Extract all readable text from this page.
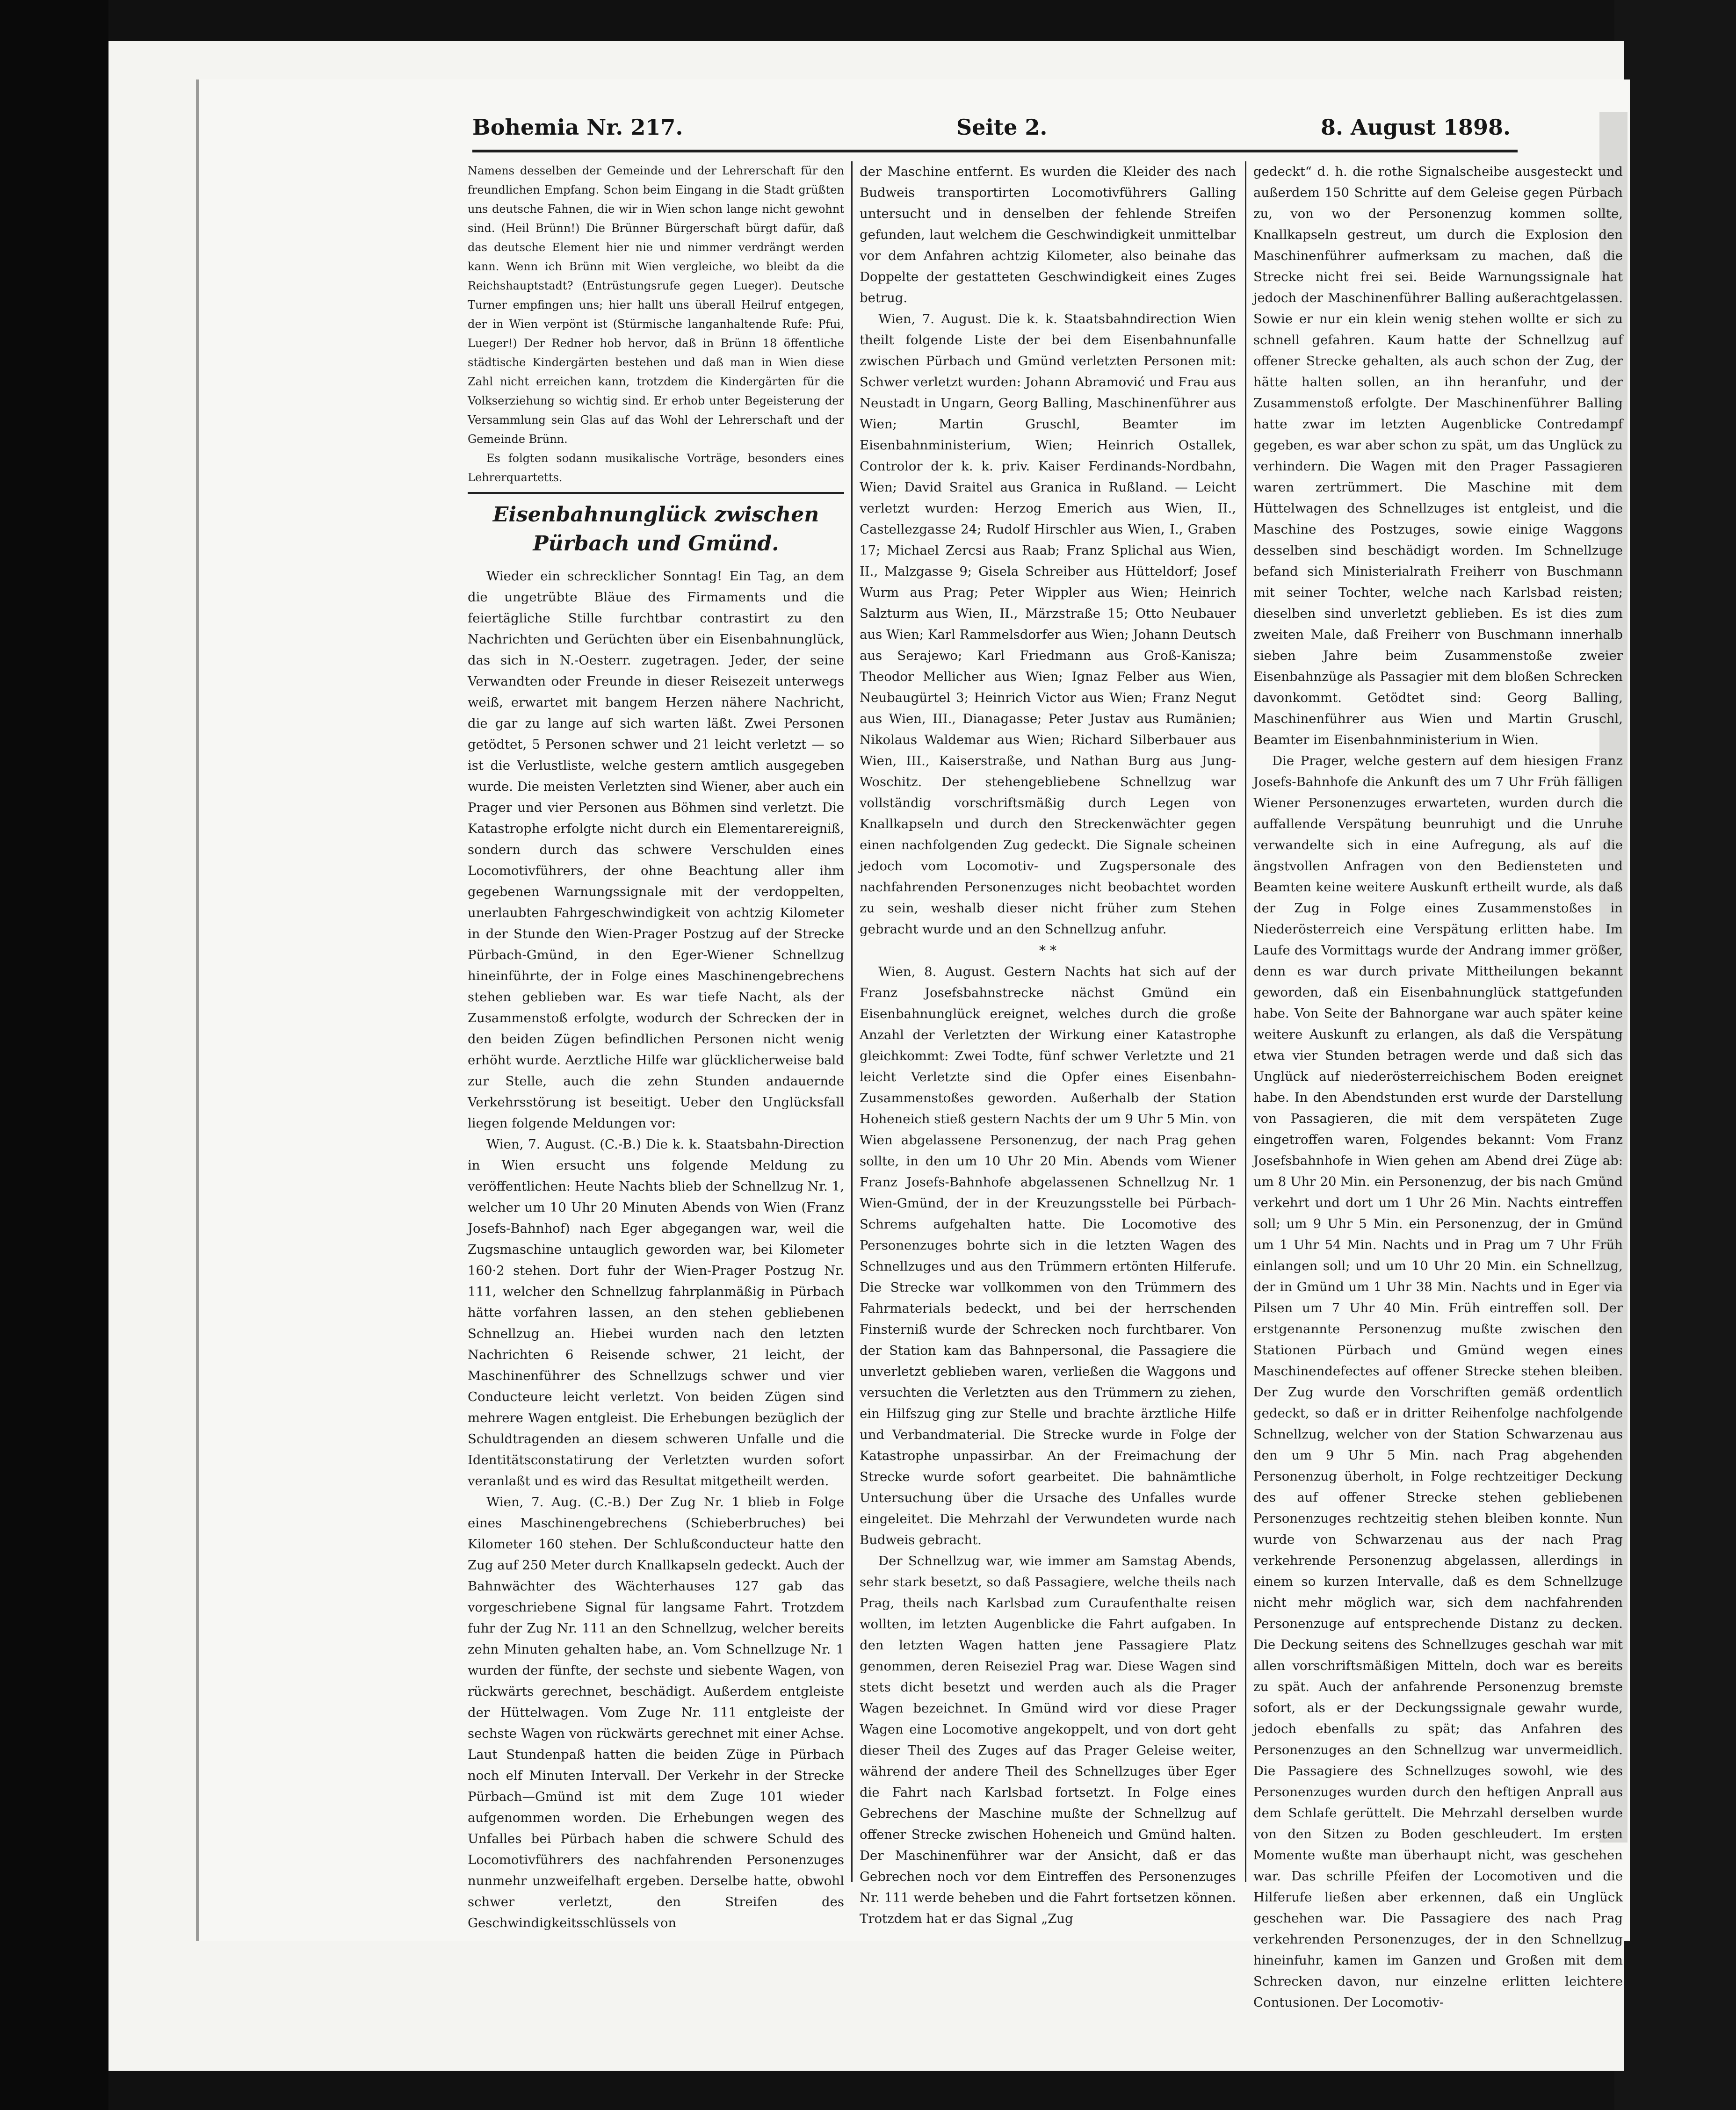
Bohemia Nr. 217.	Seite 2.	8. August 1898.

Namens desselben der Gemeinde und der Lehrerschaft für den freundlichen Empfang. Schon beim Eingang in die Stadt grüßten uns deutsche Fahnen, die wir in Wien schon lange nicht gewohnt sind. (Heil Brünn!) Die Brünner Bürgerschaft bürgt dafür, daß das deutsche Element hier nie und nimmer verdrängt werden kann. Wenn ich Brünn mit Wien vergleiche, wo bleibt da die Reichshauptstadt? (Entrüstungsrufe gegen Lueger). Deutsche Turner empfingen uns; hier hallt uns überall Heilruf entgegen, der in Wien verpönt ist (Stürmische langanhaltende Rufe: Pfui, Lueger!) Der Redner hob hervor, daß in Brünn 18 öffentliche städtische Kindergärten bestehen und daß man in Wien diese Zahl nicht erreichen kann, trotzdem die Kindergärten für die Volkserziehung so wichtig sind. Er erhob unter Begeisterung der Versammlung sein Glas auf das Wohl der Lehrerschaft und der Gemeinde Brünn.

Es folgten sodann musikalische Vorträge, besonders eines Lehrerquartetts.

Eisenbahnunglück zwischen Pürbach und Gmünd.

Wieder ein schrecklicher Sonntag! Ein Tag, an dem die ungetrübte Bläue des Firmaments und die feiertägliche Stille furchtbar contrastirt zu den Nachrichten und Gerüchten über ein Eisenbahnunglück, das sich in N.-Oesterr. zugetragen. Jeder, der seine Verwandten oder Freunde in dieser Reisezeit unterwegs weiß, erwartet mit bangem Herzen nähere Nachricht, die gar zu lange auf sich warten läßt. Zwei Personen getödtet, 5 Personen schwer und 21 leicht verletzt — so ist die Verlustliste, welche gestern amtlich ausgegeben wurde. Die meisten Verletzten sind Wiener, aber auch ein Prager und vier Personen aus Böhmen sind verletzt. Die Katastrophe erfolgte nicht durch ein Elementarereigniß, sondern durch das schwere Verschulden eines Locomotivführers, der ohne Beachtung aller ihm gegebenen Warnungssignale mit der verdoppelten, unerlaubten Fahrgeschwindigkeit von achtzig Kilometer in der Stunde den Wien-Prager Postzug auf der Strecke Pürbach-Gmünd, in den Eger-Wiener Schnellzug hineinführte, der in Folge eines Maschinengebrechens stehen geblieben war. Es war tiefe Nacht, als der Zusammenstoß erfolgte, wodurch der Schrecken der in den beiden Zügen befindlichen Personen nicht wenig erhöht wurde. Aerztliche Hilfe war glücklicherweise bald zur Stelle, auch die zehn Stunden andauernde Verkehrsstörung ist beseitigt. Ueber den Unglücksfall liegen folgende Meldungen vor:

Wien, 7. August. (C.-B.) Die k. k. Staatsbahn-Direction in Wien ersucht uns folgende Meldung zu veröffentlichen: Heute Nachts blieb der Schnellzug Nr. 1, welcher um 10 Uhr 20 Minuten Abends von Wien (Franz Josefs-Bahnhof) nach Eger abgegangen war, weil die Zugsmaschine untauglich geworden war, bei Kilometer 160·2 stehen. Dort fuhr der Wien-Prager Postzug Nr. 111, welcher den Schnellzug fahrplanmäßig in Pürbach hätte vorfahren lassen, an den stehen gebliebenen Schnellzug an. Hiebei wurden nach den letzten Nachrichten 6 Reisende schwer, 21 leicht, der Maschinenführer des Schnellzugs schwer und vier Conducteure leicht verletzt. Von beiden Zügen sind mehrere Wagen entgleist. Die Erhebungen bezüglich der Schuldtragenden an diesem schweren Unfalle und die Identitätsconstatirung der Verletzten wurden sofort veranlaßt und es wird das Resultat mitgetheilt werden.

Wien, 7. Aug. (C.-B.) Der Zug Nr. 1 blieb in Folge eines Maschinengebrechens (Schieberbruches) bei Kilometer 160 stehen. Der Schlußconducteur hatte den Zug auf 250 Meter durch Knallkapseln gedeckt. Auch der Bahnwächter des Wächterhauses 127 gab das vorgeschriebene Signal für langsame Fahrt. Trotzdem fuhr der Zug Nr. 111 an den Schnellzug, welcher bereits zehn Minuten gehalten habe, an. Vom Schnellzuge Nr. 1 wurden der fünfte, der sechste und siebente Wagen, von rückwärts gerechnet, beschädigt. Außerdem entgleiste der Hüttelwagen. Vom Zuge Nr. 111 entgleiste der sechste Wagen von rückwärts gerechnet mit einer Achse. Laut Stundenpaß hatten die beiden Züge in Pürbach noch elf Minuten Intervall. Der Verkehr in der Strecke Pürbach—Gmünd ist mit dem Zuge 101 wieder aufgenommen worden. Die Erhebungen wegen des Unfalles bei Pürbach haben die schwere Schuld des Locomotivführers des nachfahrenden Personenzuges nunmehr unzweifelhaft ergeben. Derselbe hatte, obwohl schwer verletzt, den Streifen des Geschwindigkeitsschlüssels von

der Maschine entfernt. Es wurden die Kleider des nach Budweis transportirten Locomotivführers Galling untersucht und in denselben der fehlende Streifen gefunden, laut welchem die Geschwindigkeit unmittelbar vor dem Anfahren achtzig Kilometer, also beinahe das Doppelte der gestatteten Geschwindigkeit eines Zuges betrug.

Wien, 7. August. Die k. k. Staatsbahndirection Wien theilt folgende Liste der bei dem Eisenbahnunfalle zwischen Pürbach und Gmünd verletzten Personen mit: Schwer verletzt wurden: Johann Abramović und Frau aus Neustadt in Ungarn, Georg Balling, Maschinenführer aus Wien; Martin Gruschl, Beamter im Eisenbahnministerium, Wien; Heinrich Ostallek, Controlor der k. k. priv. Kaiser Ferdinands-Nordbahn, Wien; David Sraitel aus Granica in Rußland. — Leicht verletzt wurden: Herzog Emerich aus Wien, II., Castellezgasse 24; Rudolf Hirschler aus Wien, I., Graben 17; Michael Zercsi aus Raab; Franz Splichal aus Wien, II., Malzgasse 9; Gisela Schreiber aus Hütteldorf; Josef Wurm aus Prag; Peter Wippler aus Wien; Heinrich Salzturm aus Wien, II., Märzstraße 15; Otto Neubauer aus Wien; Karl Rammelsdorfer aus Wien; Johann Deutsch aus Serajewo; Karl Friedmann aus Groß-Kanisza; Theodor Mellicher aus Wien; Ignaz Felber aus Wien, Neubaugürtel 3; Heinrich Victor aus Wien; Franz Negut aus Wien, III., Dianagasse; Peter Justav aus Rumänien; Nikolaus Waldemar aus Wien; Richard Silberbauer aus Wien, III., Kaiserstraße, und Nathan Burg aus Jung-Woschitz. Der stehengebliebene Schnellzug war vollständig vorschriftsmäßig durch Legen von Knallkapseln und durch den Streckenwächter gegen einen nachfolgenden Zug gedeckt. Die Signale scheinen jedoch vom Locomotiv- und Zugspersonale des nachfahrenden Personenzuges nicht beobachtet worden zu sein, weshalb dieser nicht früher zum Stehen gebracht wurde und an den Schnellzug anfuhr.

* *

Wien, 8. August. Gestern Nachts hat sich auf der Franz Josefsbahnstrecke nächst Gmünd ein Eisenbahnunglück ereignet, welches durch die große Anzahl der Verletzten der Wirkung einer Katastrophe gleichkommt: Zwei Todte, fünf schwer Verletzte und 21 leicht Verletzte sind die Opfer eines Eisenbahn-Zusammenstoßes geworden. Außerhalb der Station Hoheneich stieß gestern Nachts der um 9 Uhr 5 Min. von Wien abgelassene Personenzug, der nach Prag gehen sollte, in den um 10 Uhr 20 Min. Abends vom Wiener Franz Josefs-Bahnhofe abgelassenen Schnellzug Nr. 1 Wien-Gmünd, der in der Kreuzungsstelle bei Pürbach-Schrems aufgehalten hatte. Die Locomotive des Personenzuges bohrte sich in die letzten Wagen des Schnellzuges und aus den Trümmern ertönten Hilferufe. Die Strecke war vollkommen von den Trümmern des Fahrmaterials bedeckt, und bei der herrschenden Finsterniß wurde der Schrecken noch furchtbarer. Von der Station kam das Bahnpersonal, die Passagiere die unverletzt geblieben waren, verließen die Waggons und versuchten die Verletzten aus den Trümmern zu ziehen, ein Hilfszug ging zur Stelle und brachte ärztliche Hilfe und Verbandmaterial. Die Strecke wurde in Folge der Katastrophe unpassirbar. An der Freimachung der Strecke wurde sofort gearbeitet. Die bahnämtliche Untersuchung über die Ursache des Unfalles wurde eingeleitet. Die Mehrzahl der Verwundeten wurde nach Budweis gebracht.

Der Schnellzug war, wie immer am Samstag Abends, sehr stark besetzt, so daß Passagiere, welche theils nach Prag, theils nach Karlsbad zum Curaufenthalte reisen wollten, im letzten Augenblicke die Fahrt aufgaben. In den letzten Wagen hatten jene Passagiere Platz genommen, deren Reiseziel Prag war. Diese Wagen sind stets dicht besetzt und werden auch als die Prager Wagen bezeichnet. In Gmünd wird vor diese Prager Wagen eine Locomotive angekoppelt, und von dort geht dieser Theil des Zuges auf das Prager Geleise weiter, während der andere Theil des Schnellzuges über Eger die Fahrt nach Karlsbad fortsetzt. In Folge eines Gebrechens der Maschine mußte der Schnellzug auf offener Strecke zwischen Hoheneich und Gmünd halten. Der Maschinenführer war der Ansicht, daß er das Gebrechen noch vor dem Eintreffen des Personenzuges Nr. 111 werde beheben und die Fahrt fortsetzen können. Trotzdem hat er das Signal „Zug

gedeckt“ d. h. die rothe Signalscheibe ausgesteckt und außerdem 150 Schritte auf dem Geleise gegen Pürbach zu, von wo der Personenzug kommen sollte, Knallkapseln gestreut, um durch die Explosion den Maschinenführer aufmerksam zu machen, daß die Strecke nicht frei sei. Beide Warnungssignale hat jedoch der Maschinenführer Balling außerachtgelassen. Sowie er nur ein klein wenig stehen wollte er sich zu schnell gefahren. Kaum hatte der Schnellzug auf offener Strecke gehalten, als auch schon der Zug, der hätte halten sollen, an ihn heranfuhr, und der Zusammenstoß erfolgte. Der Maschinenführer Balling hatte zwar im letzten Augenblicke Contredampf gegeben, es war aber schon zu spät, um das Unglück zu verhindern. Die Wagen mit den Prager Passagieren waren zertrümmert. Die Maschine mit dem Hüttelwagen des Schnellzuges ist entgleist, und die Maschine des Postzuges, sowie einige Waggons desselben sind beschädigt worden. Im Schnellzuge befand sich Ministerialrath Freiherr von Buschmann mit seiner Tochter, welche nach Karlsbad reisten; dieselben sind unverletzt geblieben. Es ist dies zum zweiten Male, daß Freiherr von Buschmann innerhalb sieben Jahre beim Zusammenstoße zweier Eisenbahnzüge als Passagier mit dem bloßen Schrecken davonkommt. Getödtet sind: Georg Balling, Maschinenführer aus Wien und Martin Gruschl, Beamter im Eisenbahnministerium in Wien.

Die Prager, welche gestern auf dem hiesigen Franz Josefs-Bahnhofe die Ankunft des um 7 Uhr Früh fälligen Wiener Personenzuges erwarteten, wurden durch die auffallende Verspätung beunruhigt und die Unruhe verwandelte sich in eine Aufregung, als auf die ängstvollen Anfragen von den Bediensteten und Beamten keine weitere Auskunft ertheilt wurde, als daß der Zug in Folge eines Zusammenstoßes in Niederösterreich eine Verspätung erlitten habe. Im Laufe des Vormittags wurde der Andrang immer größer, denn es war durch private Mittheilungen bekannt geworden, daß ein Eisenbahnunglück stattgefunden habe. Von Seite der Bahnorgane war auch später keine weitere Auskunft zu erlangen, als daß die Verspätung etwa vier Stunden betragen werde und daß sich das Unglück auf niederösterreichischem Boden ereignet habe. In den Abendstunden erst wurde der Darstellung von Passagieren, die mit dem verspäteten Zuge eingetroffen waren, Folgendes bekannt: Vom Franz Josefsbahnhofe in Wien gehen am Abend drei Züge ab: um 8 Uhr 20 Min. ein Personenzug, der bis nach Gmünd verkehrt und dort um 1 Uhr 26 Min. Nachts eintreffen soll; um 9 Uhr 5 Min. ein Personenzug, der in Gmünd um 1 Uhr 54 Min. Nachts und in Prag um 7 Uhr Früh einlangen soll; und um 10 Uhr 20 Min. ein Schnellzug, der in Gmünd um 1 Uhr 38 Min. Nachts und in Eger via Pilsen um 7 Uhr 40 Min. Früh eintreffen soll. Der erstgenannte Personenzug mußte zwischen den Stationen Pürbach und Gmünd wegen eines Maschinendefectes auf offener Strecke stehen bleiben. Der Zug wurde den Vorschriften gemäß ordentlich gedeckt, so daß er in dritter Reihenfolge nachfolgende Schnellzug, welcher von der Station Schwarzenau aus den um 9 Uhr 5 Min. nach Prag abgehenden Personenzug überholt, in Folge rechtzeitiger Deckung des auf offener Strecke stehen gebliebenen Personenzuges rechtzeitig stehen bleiben konnte. Nun wurde von Schwarzenau aus der nach Prag verkehrende Personenzug abgelassen, allerdings in einem so kurzen Intervalle, daß es dem Schnellzuge nicht mehr möglich war, sich dem nachfahrenden Personenzuge auf entsprechende Distanz zu decken. Die Deckung seitens des Schnellzuges geschah war mit allen vorschriftsmäßigen Mitteln, doch war es bereits zu spät. Auch der anfahrende Personenzug bremste sofort, als er der Deckungssignale gewahr wurde, jedoch ebenfalls zu spät; das Anfahren des Personenzuges an den Schnellzug war unvermeidlich. Die Passagiere des Schnellzuges sowohl, wie des Personenzuges wurden durch den heftigen Anprall aus dem Schlafe gerüttelt. Die Mehrzahl derselben wurde von den Sitzen zu Boden geschleudert. Im ersten Momente wußte man überhaupt nicht, was geschehen war. Das schrille Pfeifen der Locomotiven und die Hilferufe ließen aber erkennen, daß ein Unglück geschehen war. Die Passagiere des nach Prag verkehrenden Personenzuges, der in den Schnellzug hineinfuhr, kamen im Ganzen und Großen mit dem Schrecken davon, nur einzelne erlitten leichtere Contusionen. Der Locomotiv-
